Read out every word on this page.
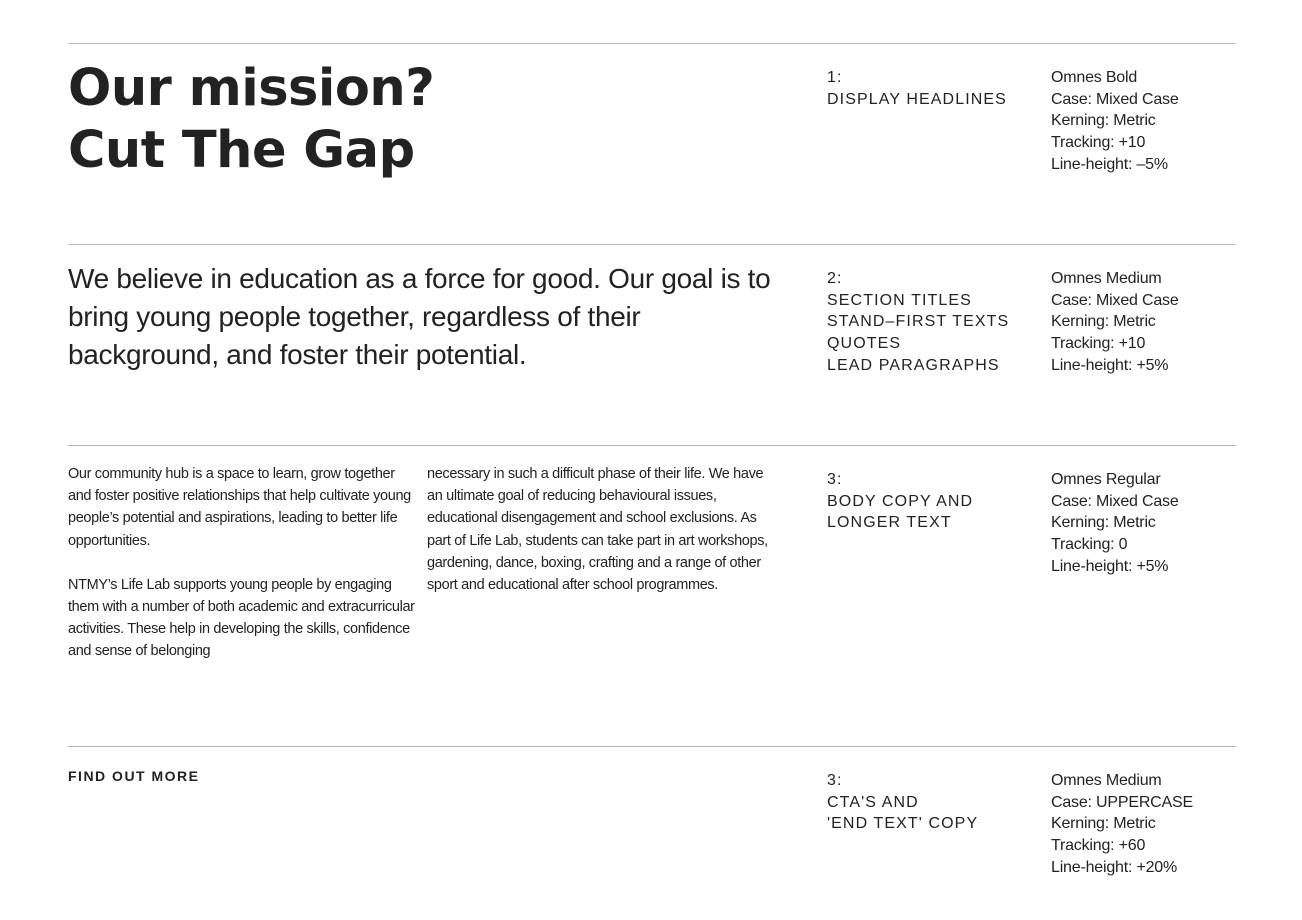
Our mission?
Cut The Gap
1:
DISPLAY HEADLINES
Omnes Bold
Case: Mixed Case
Kerning: Metric
Tracking: +10
Line-height: –5%

We believe in education as a force for good. Our goal is to bring young people together, regardless of their background, and foster their potential.

2:
SECTION TITLES
STAND–FIRST TEXTS
QUOTES
LEAD PARAGRAPHS
Omnes Medium
Case: Mixed Case
Kerning: Metric
Tracking: +10
Line-height: +5%

Our community hub is a space to learn, grow together and foster positive relationships that help cultivate young people’s potential and aspirations, leading to better life opportunities.

NTMY’s Life Lab supports young people by engaging them with a number of both academic and extracurricular activities. These help in developing the skills, confidence and sense of belonging

necessary in such a difficult phase of their life. We have an ultimate goal of reducing behavioural issues, educational disengagement and school exclusions. As part of Life Lab, students can take part in art workshops, gardening, dance, boxing, crafting and a range of other sport and educational after school programmes.

3:
BODY COPY AND
LONGER TEXT
Omnes Regular
Case: Mixed Case
Kerning: Metric
Tracking: 0
Line-height: +5%
FIND OUT MORE	3:
CTA'S AND
'END TEXT' COPY
Omnes Medium
Case: UPPERCASE
Kerning: Metric
Tracking: +60
Line-height: +20%
